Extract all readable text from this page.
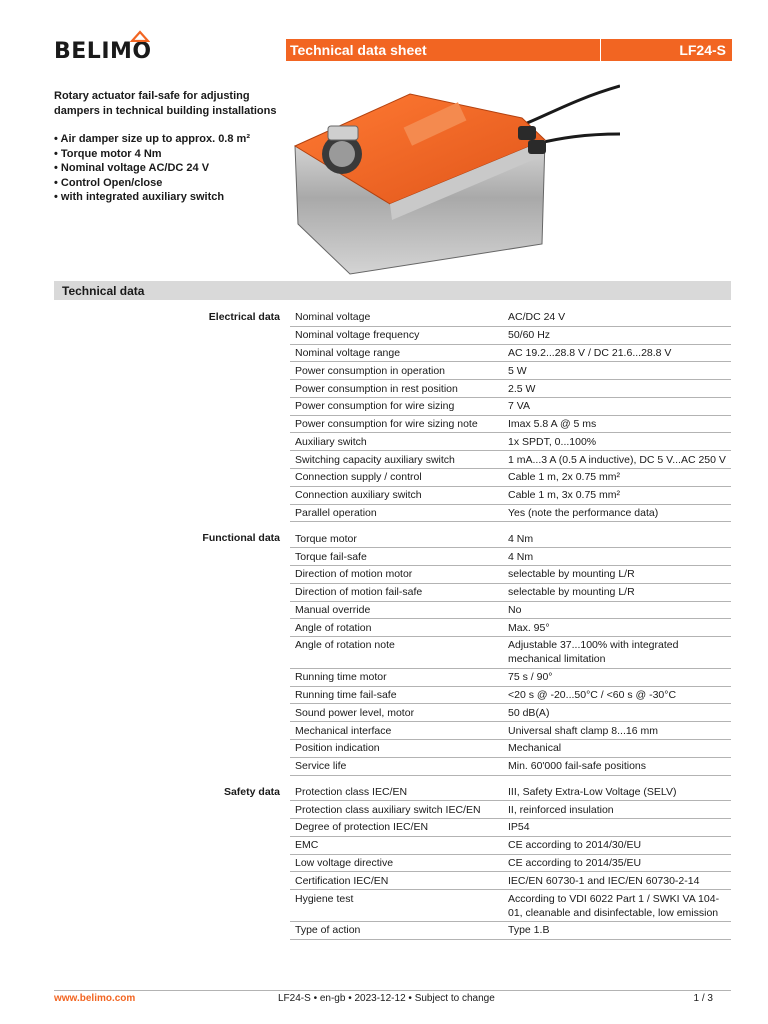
BELIMO	Technical data sheet	LF24-S

Rotary actuator fail-safe for adjusting dampers in technical building installations

• Air damper size up to approx. 0.8 m²

• Torque motor 4 Nm

• Nominal voltage AC/DC 24 V

• Control Open/close

• with integrated auxiliary switch

Technical data
Electrical data	Nominal voltage	AC/DC 24 V
Nominal voltage frequency	50/60 Hz
Nominal voltage range	AC 19.2...28.8 V / DC 21.6...28.8 V
Power consumption in operation	5 W
Power consumption in rest position	2.5 W
Power consumption for wire sizing	7 VA
Power consumption for wire sizing note	Imax 5.8 A @ 5 ms
Auxiliary switch	1x SPDT, 0...100%
Switching capacity auxiliary switch	1 mA...3 A (0.5 A inductive), DC 5 V...AC 250 V
Connection supply / control	Cable 1 m, 2x 0.75 mm²
Connection auxiliary switch	Cable 1 m, 3x 0.75 mm²
Parallel operation	Yes (note the performance data)
Functional data	Torque motor	4 Nm
Torque fail-safe	4 Nm
Direction of motion motor	selectable by mounting L/R
Direction of motion fail-safe	selectable by mounting L/R
Manual override	No
Angle of rotation	Max. 95°
Angle of rotation note	Adjustable 37...100% with integrated mechanical limitation
Running time motor	75 s / 90°
Running time fail-safe	<20 s @ -20...50°C / <60 s @ -30°C
Sound power level, motor	50 dB(A)
Mechanical interface	Universal shaft clamp 8...16 mm
Position indication	Mechanical
Service life	Min. 60'000 fail-safe positions
Safety data	Protection class IEC/EN	III, Safety Extra-Low Voltage (SELV)
Protection class auxiliary switch IEC/EN	II, reinforced insulation
Degree of protection IEC/EN	IP54
EMC	CE according to 2014/30/EU
Low voltage directive	CE according to 2014/35/EU
Certification IEC/EN	IEC/EN 60730-1 and IEC/EN 60730-2-14
Hygiene test	According to VDI 6022 Part 1 / SWKI VA 104-01, cleanable and disinfectable, low emission
Type of action	Type 1.B
www.belimo.com	LF24-S • en-gb • 2023-12-12 • Subject to change	1 / 3
